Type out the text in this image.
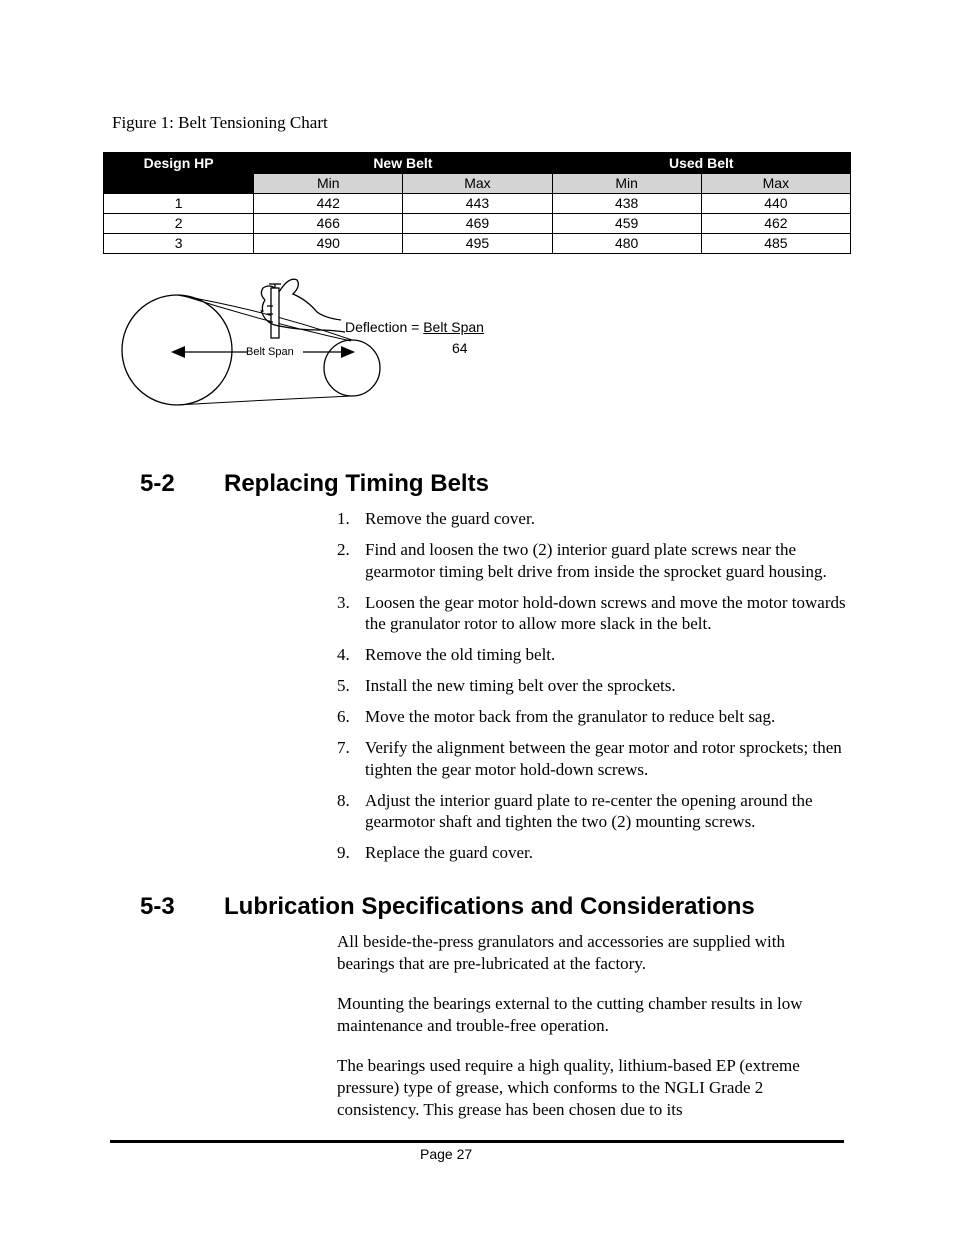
Figure 1: Belt Tensioning Chart
Design HP	New Belt		Used Belt	
	Min	Max	Min	Max
1	442	443	438	440
2	466	469	459	462
3	490	495	480	485
Belt Span
Deflection = Belt Span
64
5-2 Replacing Timing Belts
1. Remove the guard cover.
2. Find and loosen the two (2) interior guard plate screws near the gearmotor timing belt drive from inside the sprocket guard housing.
3. Loosen the gear motor hold-down screws and move the motor towards the granulator rotor to allow more slack in the belt.
4. Remove the old timing belt.
5. Install the new timing belt over the sprockets.
6. Move the motor back from the granulator to reduce belt sag.
7. Verify the alignment between the gear motor and rotor sprockets; then tighten the gear motor hold-down screws.
8. Adjust the interior guard plate to re-center the opening around the gearmotor shaft and tighten the two (2) mounting screws.
9. Replace the guard cover.
5-3 Lubrication Specifications and Considerations

All beside-the-press granulators and accessories are supplied with bearings that are pre-lubricated at the factory.

Mounting the bearings external to the cutting chamber results in low maintenance and trouble-free operation.

The bearings used require a high quality, lithium-based EP (extreme pressure) type of grease, which conforms to the NGLI Grade 2 consistency. This grease has been chosen due to its

Page 27
